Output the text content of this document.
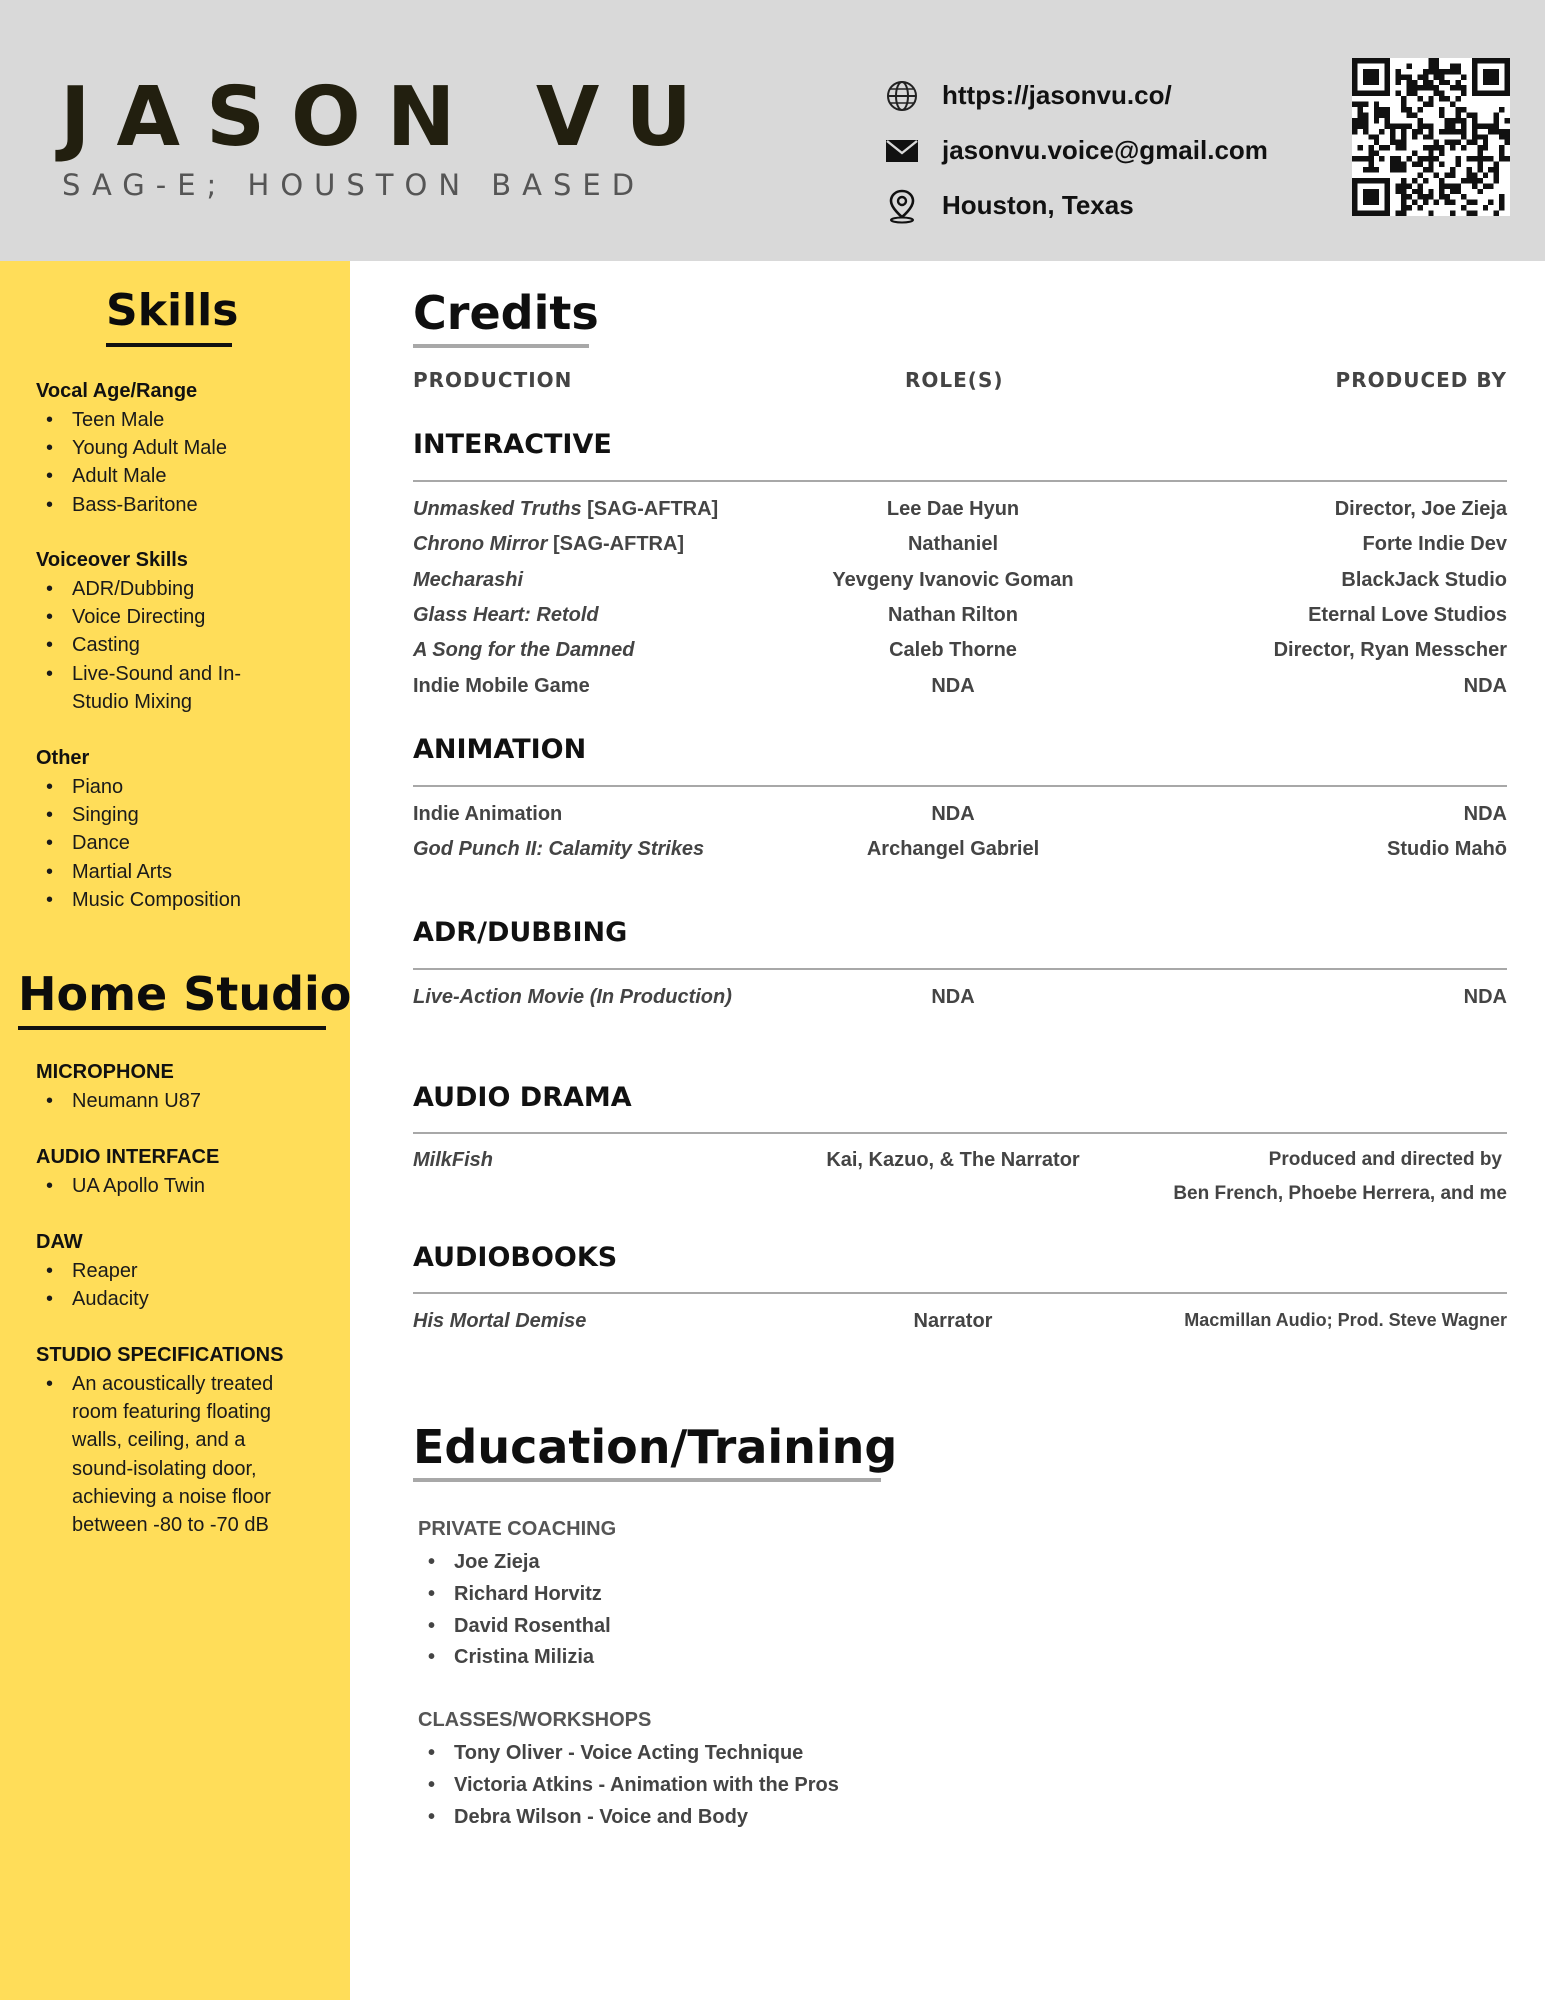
JASON VU
SAG-E; HOUSTON BASED
https://jasonvu.co/
jasonvu.voice@gmail.com
Houston, Texas
Skills
Vocal Age/Range
• Teen Male
• Young Adult Male
• Adult Male
• Bass-Baritone
Voiceover Skills
• ADR/Dubbing
• Voice Directing
• Casting
• Live-Sound and In-Studio Mixing
Other
• Piano
• Singing
• Dance
• Martial Arts
• Music Composition
Home Studio
MICROPHONE
• Neumann U87
AUDIO INTERFACE
• UA Apollo Twin
DAW
• Reaper
• Audacity
STUDIO SPECIFICATIONS
• An acoustically treated room featuring floating walls, ceiling, and a sound-isolating door, achieving a noise floor between -80 to -70 dB
Credits
PRODUCTION	ROLE(S)	PRODUCED BY
INTERACTIVE
Unmasked Truths [SAG-AFTRA]	Lee Dae Hyun	Director, Joe Zieja
Chrono Mirror [SAG-AFTRA]	Nathaniel	Forte Indie Dev
Mecharashi	Yevgeny Ivanovic Goman	BlackJack Studio
Glass Heart: Retold	Nathan Rilton	Eternal Love Studios
A Song for the Damned	Caleb Thorne	Director, Ryan Messcher
Indie Mobile Game	NDA	NDA
ANIMATION
Indie Animation	NDA	NDA
God Punch II: Calamity Strikes	Archangel Gabriel	Studio Mahō
ADR/DUBBING
Live-Action Movie (In Production)	NDA	NDA
AUDIO DRAMA
MilkFish	Kai, Kazuo, & The Narrator	Produced and directed by
Ben French, Phoebe Herrera, and me
AUDIOBOOKS
His Mortal Demise	Narrator	Macmillan Audio; Prod. Steve Wagner
Education/Training
PRIVATE COACHING
• Joe Zieja
• Richard Horvitz
• David Rosenthal
• Cristina Milizia
CLASSES/WORKSHOPS
• Tony Oliver - Voice Acting Technique
• Victoria Atkins - Animation with the Pros
• Debra Wilson - Voice and Body
